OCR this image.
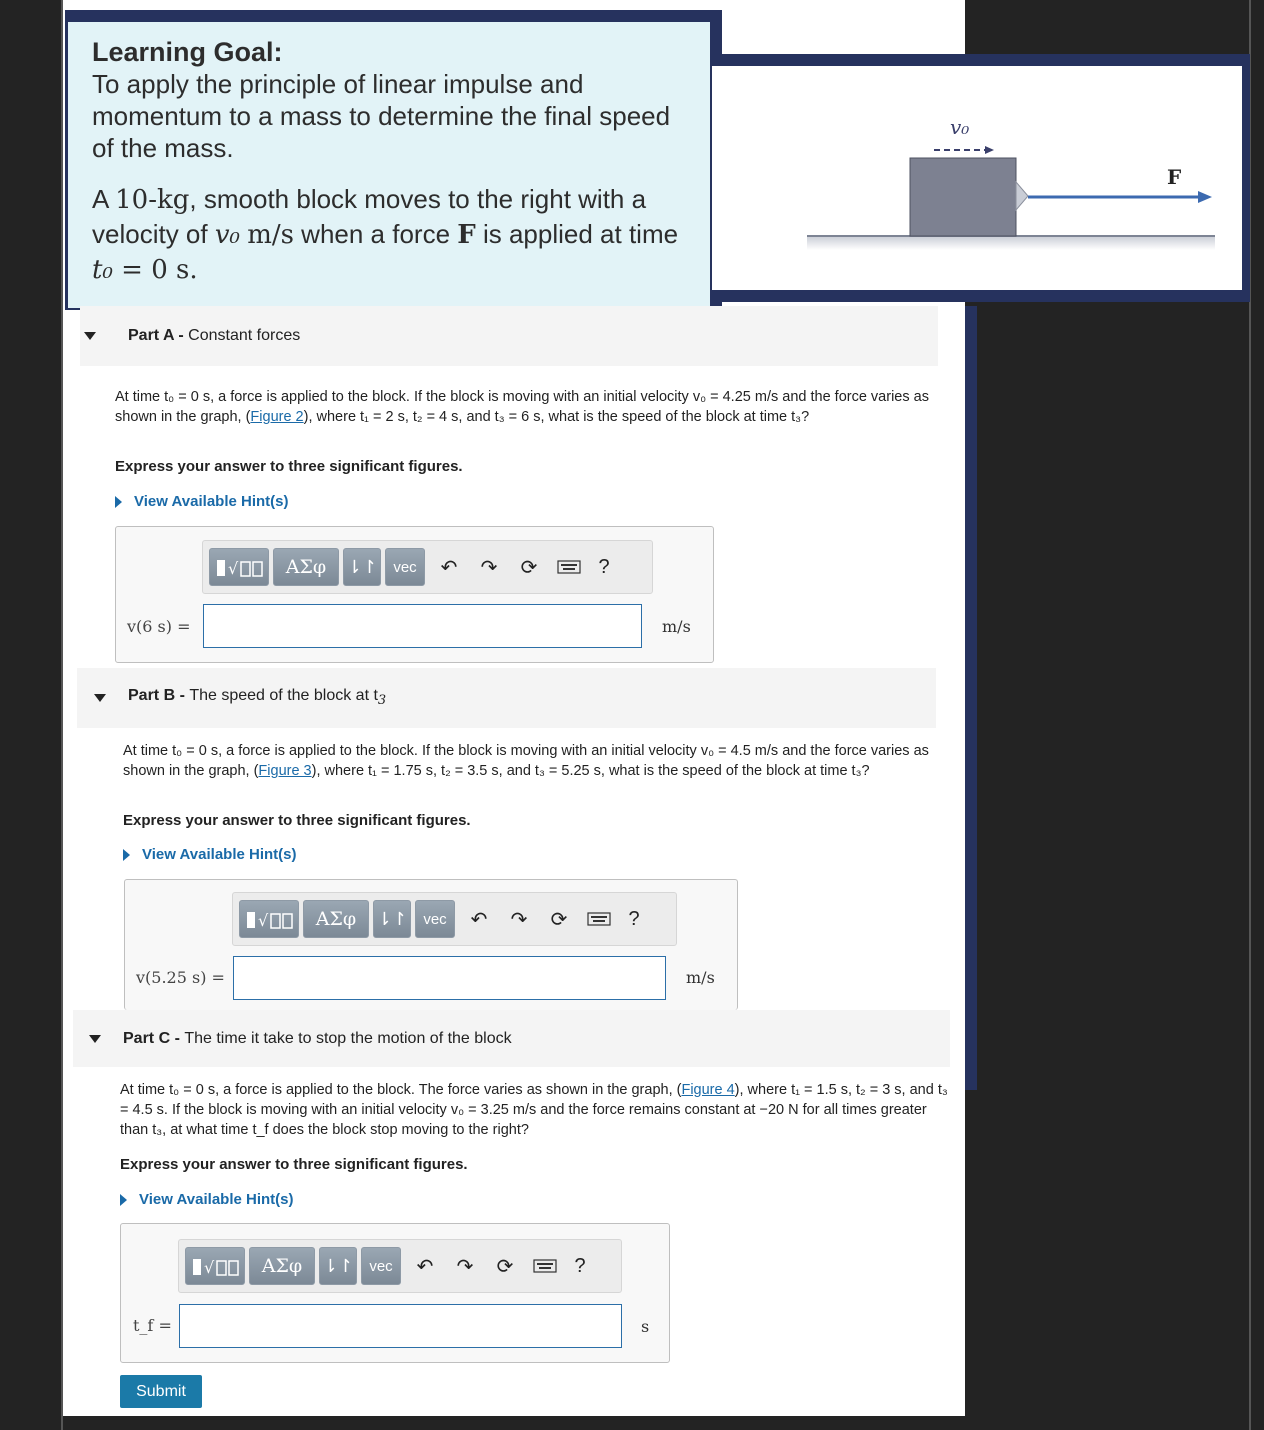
Learning Goal:
To apply the principle of linear impulse and momentum to a mass to determine the final speed of the mass.
A 10-kg, smooth block moves to the right with a velocity of v₀ m/s when a force F is applied at time t₀ = 0 s.
v₀
F
Part A - Constant forces
At time t₀ = 0 s, a force is applied to the block. If the block is moving with an initial velocity v₀ = 4.25 m/s and the force varies as shown in the graph, (Figure 2), where t₁ = 2 s, t₂ = 4 s, and t₃ = 6 s, what is the speed of the block at time t₃?
Express your answer to three significant figures.
View Available Hint(s)
√	ΑΣφ	⇂↾	vec	↶	↷	⟳	?
v(6 s) =	m/s
Part B - The speed of the block at $t_3$
At time t₀ = 0 s, a force is applied to the block. If the block is moving with an initial velocity v₀ = 4.5 m/s and the force varies as shown in the graph, (Figure 3), where t₁ = 1.75 s, t₂ = 3.5 s, and t₃ = 5.25 s, what is the speed of the block at time t₃?
Express your answer to three significant figures.
View Available Hint(s)
√	ΑΣφ	⇂↾	vec	↶	↷	⟳	?
v(5.25 s) =	m/s
Part C - The time it take to stop the motion of the block
At time t₀ = 0 s, a force is applied to the block. The force varies as shown in the graph, (Figure 4), where t₁ = 1.5 s, t₂ = 3 s, and t₃ = 4.5 s. If the block is moving with an initial velocity v₀ = 3.25 m/s and the force remains constant at −20 N for all times greater than t₃, at what time t_f does the block stop moving to the right?
Express your answer to three significant figures.
View Available Hint(s)
√	ΑΣφ	⇂↾	vec	↶	↷	⟳	?
t_f =	s
Submit
